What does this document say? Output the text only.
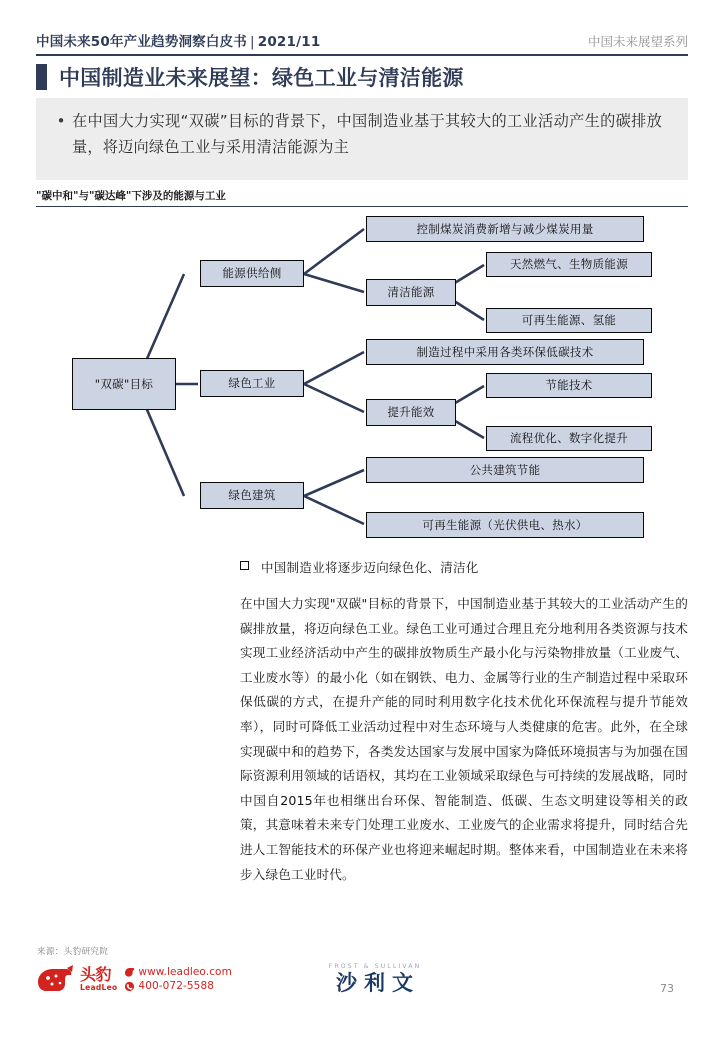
中国未来50年产业趋势洞察白皮书 | 2021/11	中国未来展望系列
中国制造业未来展望：绿色工业与清洁能源
• 在中国大力实现“双碳”目标的背景下，中国制造业基于其较大的工业活动产生的碳排放量，将迈向绿色工业与采用清洁能源为主
"碳中和"与"碳达峰"下涉及的能源与工业
"双碳"目标
能源供给侧
控制煤炭消费新增与减少煤炭用量
清洁能源
天然燃气、生物质能源
可再生能源、氢能
绿色工业
制造过程中采用各类环保低碳技术
提升能效
节能技术
流程优化、数字化提升
绿色建筑
公共建筑节能
可再生能源（光伏供电、热水）
中国制造业将逐步迈向绿色化、清洁化
在中国大力实现"双碳"目标的背景下，中国制造业基于其较大的工业活动产生的碳排放量，将迈向绿色工业。绿色工业可通过合理且充分地利用各类资源与技术实现工业经济活动中产生的碳排放物质生产最小化与污染物排放量（工业废气、工业废水等）的最小化（如在钢铁、电力、金属等行业的生产制造过程中采取环保低碳的方式，在提升产能的同时利用数字化技术优化环保流程与提升节能效率），同时可降低工业活动过程中对生态环境与人类健康的危害。此外，在全球实现碳中和的趋势下，各类发达国家与发展中国家为降低环境损害与为加强在国际资源利用领域的话语权，其均在工业领域采取绿色与可持续的发展战略，同时中国自2015年也相继出台环保、智能制造、低碳、生态文明建设等相关的政策，其意味着未来专门处理工业废水、工业废气的企业需求将提升，同时结合先进人工智能技术的环保产业也将迎来崛起时期。整体来看，中国制造业在未来将步入绿色工业时代。
来源：头豹研究院
头豹
LeadLeo
www.leadleo.com
400-072-5588
FROST & SULLIVAN
沙利文	73
